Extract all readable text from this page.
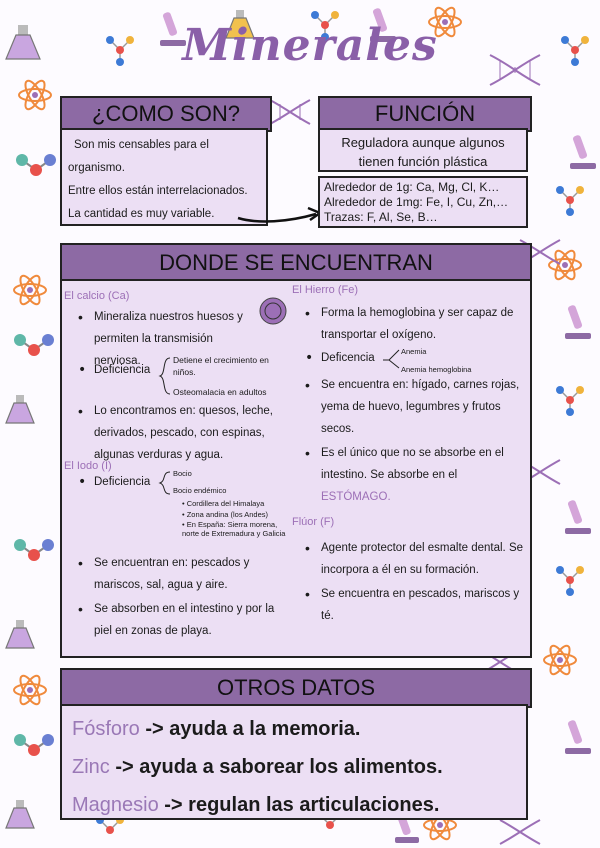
Minerales
¿COMO SON?
Son mis censables para el
organismo.
Entre ellos están interrelacionados.
La cantidad es muy variable.
FUNCIÓN
Reguladora aunque algunos
tienen función plástica
Alrededor de 1g: Ca, Mg, Cl, K…
Alrededor de 1mg: Fe, I, Cu, Zn,…
Trazas: F, Al, Se, B…
DONDE SE ENCUENTRAN
El calcio (Ca)
• Mineraliza nuestros huesos y permiten la transmisión nerviosa.
• Deficiencia
Detiene el crecimiento en niños.
Osteomalacia en adultos
• Lo encontramos en: quesos, leche, derivados, pescado, con espinas, algunas verduras y agua.
El Iodo (I)
• Deficiencia
Bocio
Bocio endémico
• Cordillera del Himalaya
• Zona andina (los Andes)
• En España: Sierra morena, norte de Extremadura y Galicia
• Se encuentran en: pescados y mariscos, sal, agua y aire.
• Se absorben en el intestino y por la piel en zonas de playa.
El Hierro (Fe)
• Forma la hemoglobina y ser capaz de transportar el oxígeno.
• Deficencia
Anemia
Anemia hemoglobina
• Se encuentra en: hígado, carnes rojas, yema de huevo, legumbres y frutos secos.
• Es el único que no se absorbe en el intestino. Se absorbe en el ESTÓMAGO.
Flúor (F)
• Agente protector del esmalte dental. Se incorpora a él en su formación.
• Se encuentra en pescados, mariscos y té.
OTROS DATOS
Fósforo -> ayuda a la memoria.
Zinc -> ayuda a saborear los alimentos.
Magnesio -> regulan las articulaciones.
